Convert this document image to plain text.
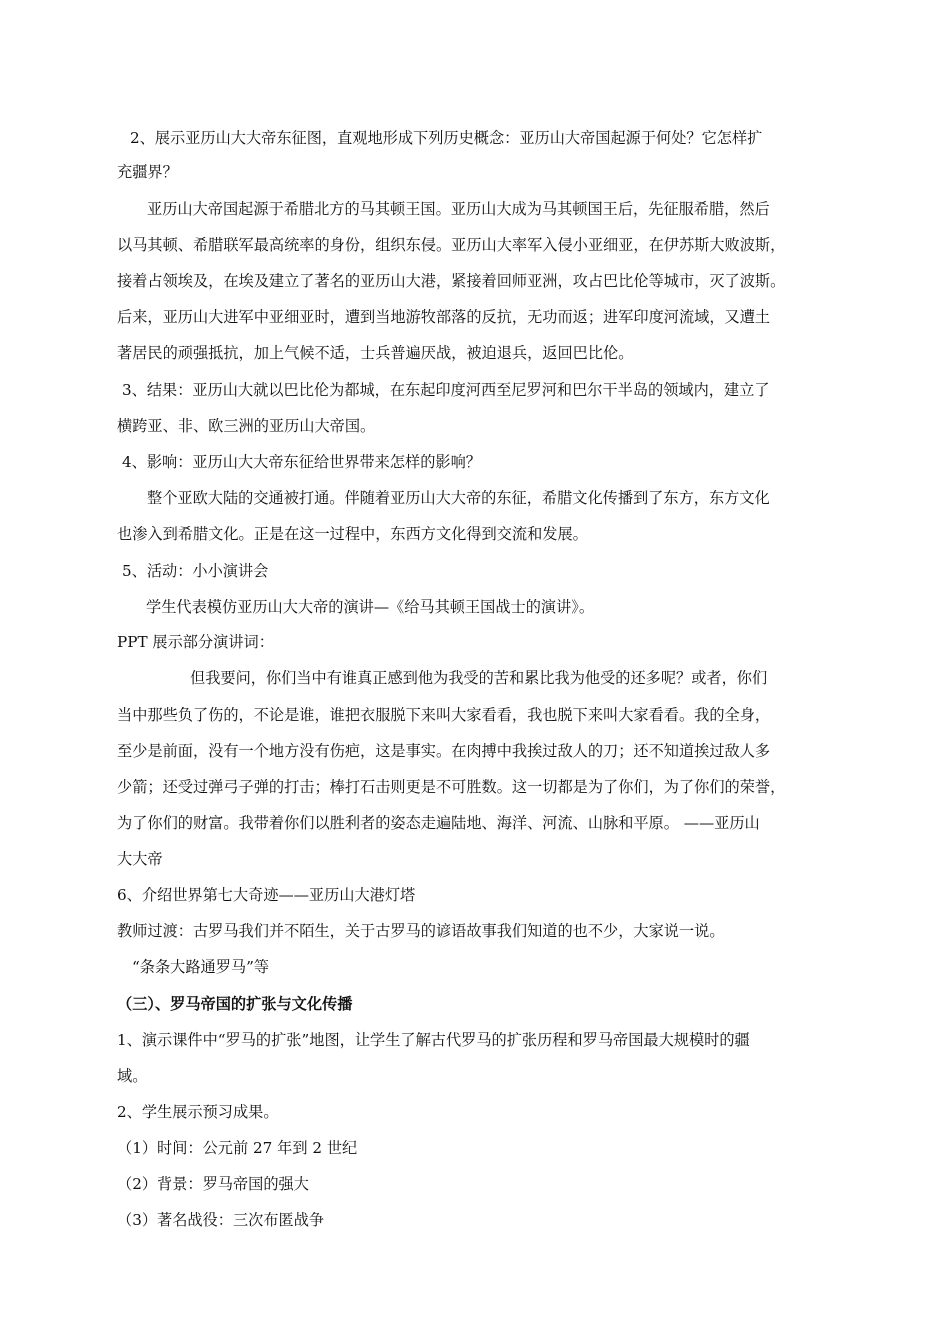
2、展示亚历山大大帝东征图，直观地形成下列历史概念：亚历山大帝国起源于何处？它怎样扩
充疆界？
亚历山大帝国起源于希腊北方的马其顿王国。亚历山大成为马其顿国王后，先征服希腊，然后
以马其顿、希腊联军最高统率的身份，组织东侵。亚历山大率军入侵小亚细亚，在伊苏斯大败波斯，
接着占领埃及，在埃及建立了著名的亚历山大港，紧接着回师亚洲，攻占巴比伦等城市，灭了波斯。
后来，亚历山大进军中亚细亚时，遭到当地游牧部落的反抗，无功而返；进军印度河流域，又遭土
著居民的顽强抵抗，加上气候不适，士兵普遍厌战，被迫退兵，返回巴比伦。
3、结果：亚历山大就以巴比伦为都城，在东起印度河西至尼罗河和巴尔干半岛的领域内，建立了
横跨亚、非、欧三洲的亚历山大帝国。
4、影响：亚历山大大帝东征给世界带来怎样的影响？
整个亚欧大陆的交通被打通。伴随着亚历山大大帝的东征，希腊文化传播到了东方，东方文化
也渗入到希腊文化。正是在这一过程中，东西方文化得到交流和发展。
5、活动：小小演讲会
学生代表模仿亚历山大大帝的演讲—《给马其顿王国战士的演讲》。
PPT 展示部分演讲词：
但我要问，你们当中有谁真正感到他为我受的苦和累比我为他受的还多呢？或者，你们
当中那些负了伤的，不论是谁，谁把衣服脱下来叫大家看看，我也脱下来叫大家看看。我的全身，
至少是前面，没有一个地方没有伤疤，这是事实。在肉搏中我挨过敌人的刀；还不知道挨过敌人多
少箭；还受过弹弓子弹的打击；棒打石击则更是不可胜数。这一切都是为了你们，为了你们的荣誉，
为了你们的财富。我带着你们以胜利者的姿态走遍陆地、海洋、河流、山脉和平原。 ——亚历山
大大帝
6、介绍世界第七大奇迹——亚历山大港灯塔
教师过渡：古罗马我们并不陌生，关于古罗马的谚语故事我们知道的也不少，大家说一说。
“条条大路通罗马”等
（三）、罗马帝国的扩张与文化传播
1、演示课件中“罗马的扩张”地图，让学生了解古代罗马的扩张历程和罗马帝国最大规模时的疆
域。
2、学生展示预习成果。
（1）时间：公元前 27 年到 2 世纪
（2）背景：罗马帝国的强大
（3）著名战役：三次布匿战争
